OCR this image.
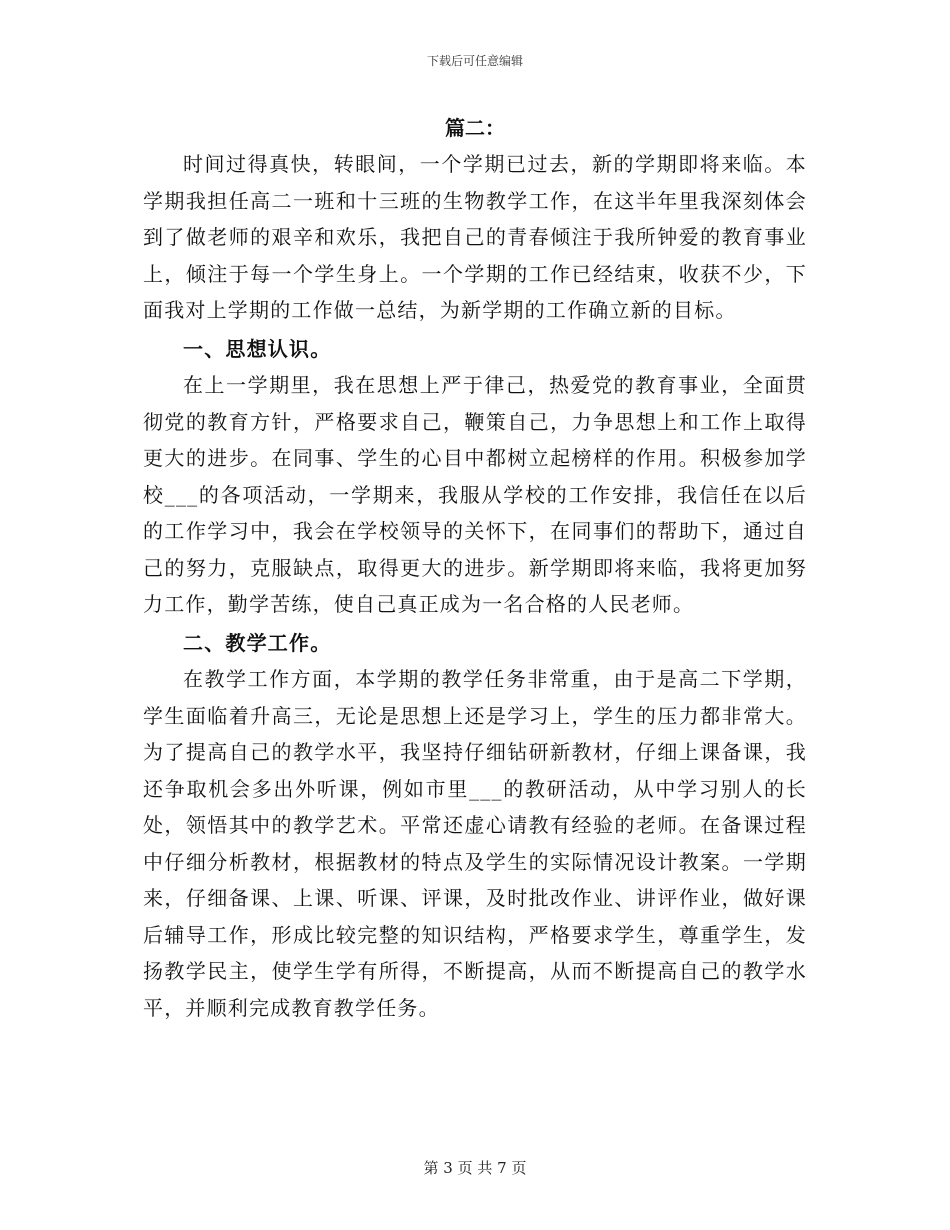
下载后可任意编辑
篇二：

时间过得真快，转眼间，一个学期已过去，新的学期即将来临。本学期我担任高二一班和十三班的生物教学工作，在这半年里我深刻体会到了做老师的艰辛和欢乐，我把自己的青春倾注于我所钟爱的教育事业上，倾注于每一个学生身上。一个学期的工作已经结束，收获不少，下面我对上学期的工作做一总结，为新学期的工作确立新的目标。

一、思想认识。

在上一学期里，我在思想上严于律己，热爱党的教育事业，全面贯彻党的教育方针，严格要求自己，鞭策自己，力争思想上和工作上取得更大的进步。在同事、学生的心目中都树立起榜样的作用。积极参加学校___的各项活动，一学期来，我服从学校的工作安排，我信任在以后的工作学习中，我会在学校领导的关怀下，在同事们的帮助下，通过自己的努力，克服缺点，取得更大的进步。新学期即将来临，我将更加努力工作，勤学苦练，使自己真正成为一名合格的人民老师。

二、教学工作。

在教学工作方面，本学期的教学任务非常重，由于是高二下学期，学生面临着升高三，无论是思想上还是学习上，学生的压力都非常大。为了提高自己的教学水平，我坚持仔细钻研新教材，仔细上课备课，我还争取机会多出外听课，例如市里___的教研活动，从中学习别人的长处，领悟其中的教学艺术。平常还虚心请教有经验的老师。在备课过程中仔细分析教材，根据教材的特点及学生的实际情况设计教案。一学期来，仔细备课、上课、听课、评课，及时批改作业、讲评作业，做好课后辅导工作，形成比较完整的知识结构，严格要求学生，尊重学生，发扬教学民主，使学生学有所得，不断提高，从而不断提高自己的教学水平，并顺利完成教育教学任务。

第 3 页 共 7 页
